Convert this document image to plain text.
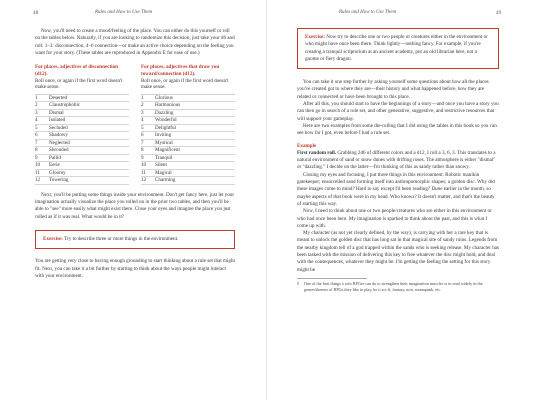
48	Rules and How to Use Them

Now, you'll need to create a mood/feeling of the place. You can either do this yourself or roll on the tables below. Naturally, if you are looking to randomize this decision, just take your d6 and roll: 1–3: disconnection, 4–6 connection—or make an active choice depending on the feeling you want for your story. (These tables are reproduced in Appendix E for ease of use.)

For places, adjectives of disconnection (d12).
Roll once, or again if the first word doesn't make sense.
1	Deserted
2	Claustrophobic
3	Dismal
4	Isolated
5	Secluded
6	Shadowy
7	Neglected
8	Shrouded
9	Pallid
10	Eerie
11	Gloomy
12	Towering
For places, adjectives that draw you toward/connection (d12).
Roll once, or again if the first word doesn't make sense.
1	Glorious
2	Harmonious
3	Dazzling
4	Wonderful
5	Delightful
6	Inviting
7	Mystical
8	Magnificent
9	Tranquil
10	Silent
11	Magical
12	Charming

Next, you'll be putting some things inside your environment. Don't get fancy here, just let your imagination actually visualize the place you rolled on in the prior two tables, and then you'll be able to "see" more easily what might exist there. Close your eyes and imagine the place you just rolled as if it was real. What would be in it?

Exercise: Try to describe three or more things in the environment.

You are getting very close to having enough grounding to start thinking about a rule set that might fit. Next, you can take it a bit further by starting to think about the ways people might interact with your environment.

Rules and How to Use Them	49
Exercise: Now try to describe one or two people or creatures either in the environment or who might have once been there. Think lightly—nothing fancy. For example, if you're creating a tranquil scriptorium at an ancient academy, put an old librarian here, not a gnome or fiery dragon.

You can take it one step further by asking yourself some questions about how all the places you've created got to where they are—their history and what happened before, how they are related or connected or have been brought to this place.

After all this, you should start to have the beginnings of a story—and once you have a story you can then go in search of a rule set, and other generative, suggestive, and restrictive resources that will support your gameplay.

Here are two examples from some die-rolling that I did using the tables in this book so you can see how far I got, even before I had a rule set.

Example

First random roll. Grabbing 2d6 of different colors and a d12, I roll a 3, 6, 3. This translates to a natural environment of sand or snow dunes with drifting roses. The atmosphere is either "dismal" or "dazzling." I decide on the latter—I'm thinking of this as sandy rather than snowy.

Closing my eyes and focusing, I put three things in this environment: Robotic manikin gatekeeper; ensorcelled sand forming itself into anthropomorphic shapes; a golden disc. Why did these images come to mind? Hard to say except I'd been reading? Dune earlier in the month, so maybe aspects of that book were in my head. Who knows? It doesn't matter, and that's the beauty of starting this way.

Now, I need to think about one or two people/creatures who are either in this environment or who had once been here. My imagination is sparked to think about the past, and this is what I come up with.

My character (as not yet clearly defined, by the way), is carrying with her a rare key that is meant to unlock the golden disc that has long sat in that magical site of sandy ruins. Legends from the nearby kingdom tell of a god trapped within the sands who is seeking release. My character has been tasked with the mission of delivering this key to free whatever the disc might hold, and deal with the consequences, whatever they might be. I'm getting the feeling the setting for this story might be

5	One of the best things a solo RPGer can do to strengthen their imagination muscles is to read widely in the genres/themes of RPGs they like to play, be it sci-fi, fantasy, noir, steampunk, etc.
